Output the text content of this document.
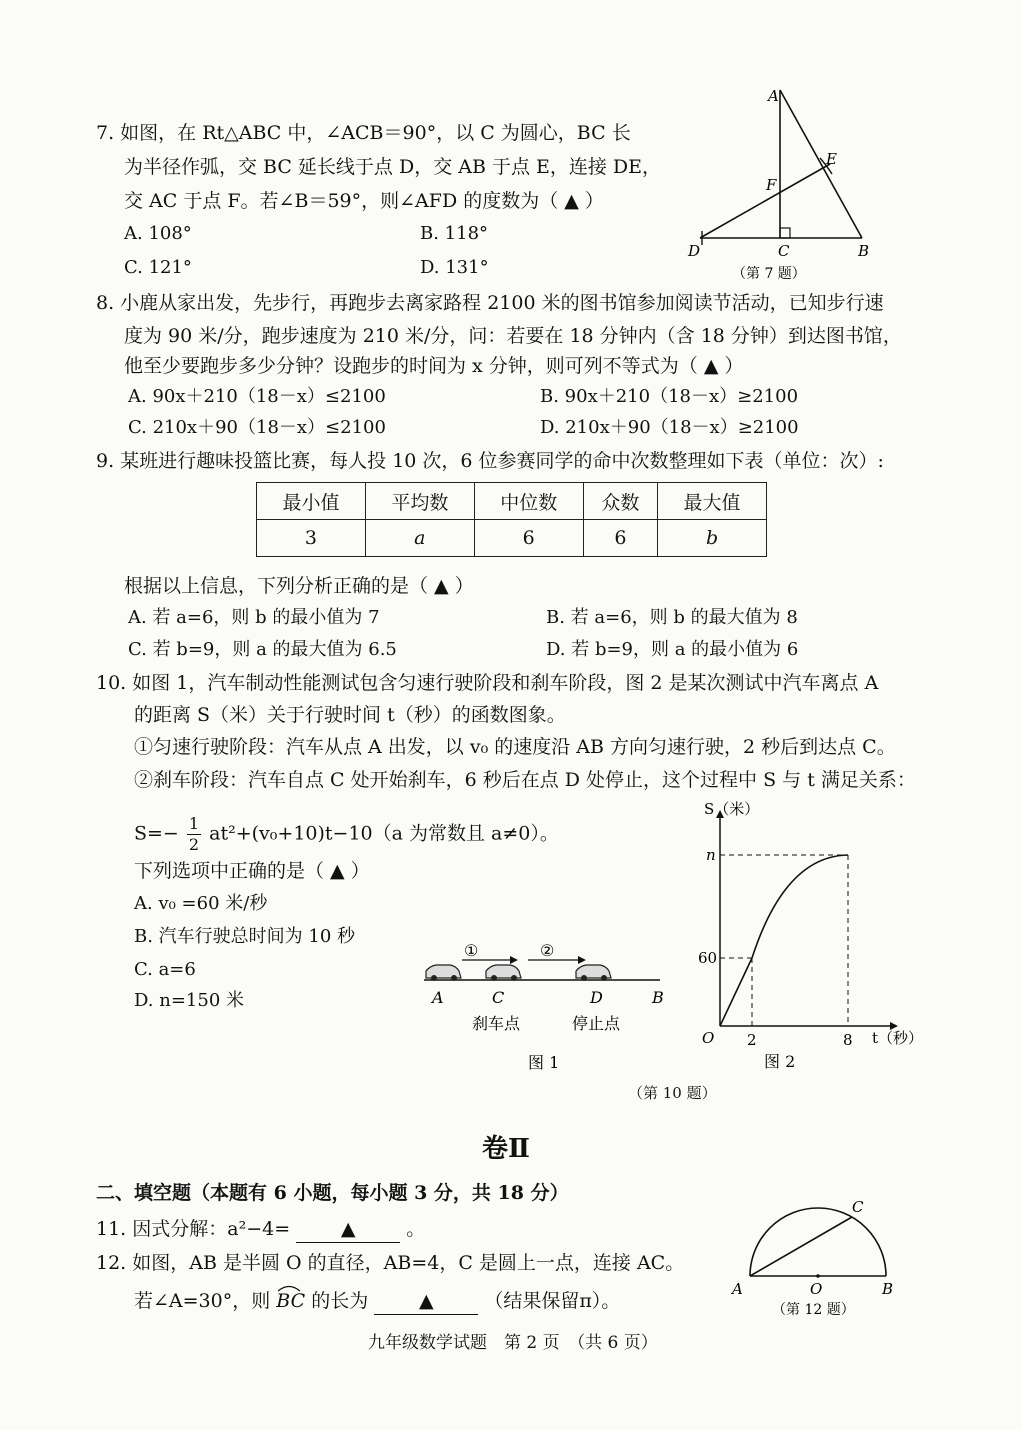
7. 如图，在 Rt△ABC 中，∠ACB＝90°，以 C 为圆心，BC 长
为半径作弧，交 BC 延长线于点 D，交 AB 于点 E，连接 DE，
交 AC 于点 F。若∠B＝59°，则∠AFD 的度数为（ ▲ ）
A. 108°	B. 118°
C. 121°	D. 131°
A
E
F
D	C	B
（第 7 题）
8. 小鹿从家出发，先步行，再跑步去离家路程 2100 米的图书馆参加阅读节活动，已知步行速
度为 90 米/分，跑步速度为 210 米/分，问：若要在 18 分钟内（含 18 分钟）到达图书馆，
他至少要跑步多少分钟？设跑步的时间为 x 分钟，则可列不等式为（ ▲ ）
A. 90x＋210（18－x）≤2100	B. 90x＋210（18－x）≥2100
C. 210x＋90（18－x）≤2100	D. 210x＋90（18－x）≥2100
9. 某班进行趣味投篮比赛，每人投 10 次，6 位参赛同学的命中次数整理如下表（单位：次）:
最小值	平均数	中位数	众数	最大值
3	a	6	6	b
根据以上信息，下列分析正确的是（ ▲ ）
A. 若 a=6，则 b 的最小值为 7	B. 若 a=6，则 b 的最大值为 8
C. 若 b=9，则 a 的最大值为 6.5	D. 若 b=9，则 a 的最小值为 6
10. 如图 1，汽车制动性能测试包含匀速行驶阶段和刹车阶段，图 2 是某次测试中汽车离点 A
的距离 S（米）关于行驶时间 t（秒）的函数图象。
①匀速行驶阶段：汽车从点 A 出发，以 v₀ 的速度沿 AB 方向匀速行驶，2 秒后到达点 C。
②刹车阶段：汽车自点 C 处开始刹车，6 秒后在点 D 处停止，这个过程中 S 与 t 满足关系：
$S=- \frac{1}{2} at^2+(v_0+10)t-10(a$ 为常数且 a≠0）。
下列选项中正确的是（ ▲ ）
A. v₀ =60 米/秒
B. 汽车行驶总时间为 10 秒
C. a=6
D. n=150 米
①	②
A	C	D	B
刹车点	停止点
图 1
S（米）
t（秒）
O
n
60
2	8
图 2
（第 10 题）
卷Ⅱ
二、填空题（本题有 6 小题，每小题 3 分，共 18 分）
11. 因式分解：a²−4=	▲	。
12. 如图，AB 是半圆 O 的直径，AB=4，C 是圆上一点，连接 AC。
若∠A=30°，则 BC 的长为	▲	（结果保留π）。
C
A	O	B
（第 12 题）
九年级数学试题　第 2 页　（共 6 页）
